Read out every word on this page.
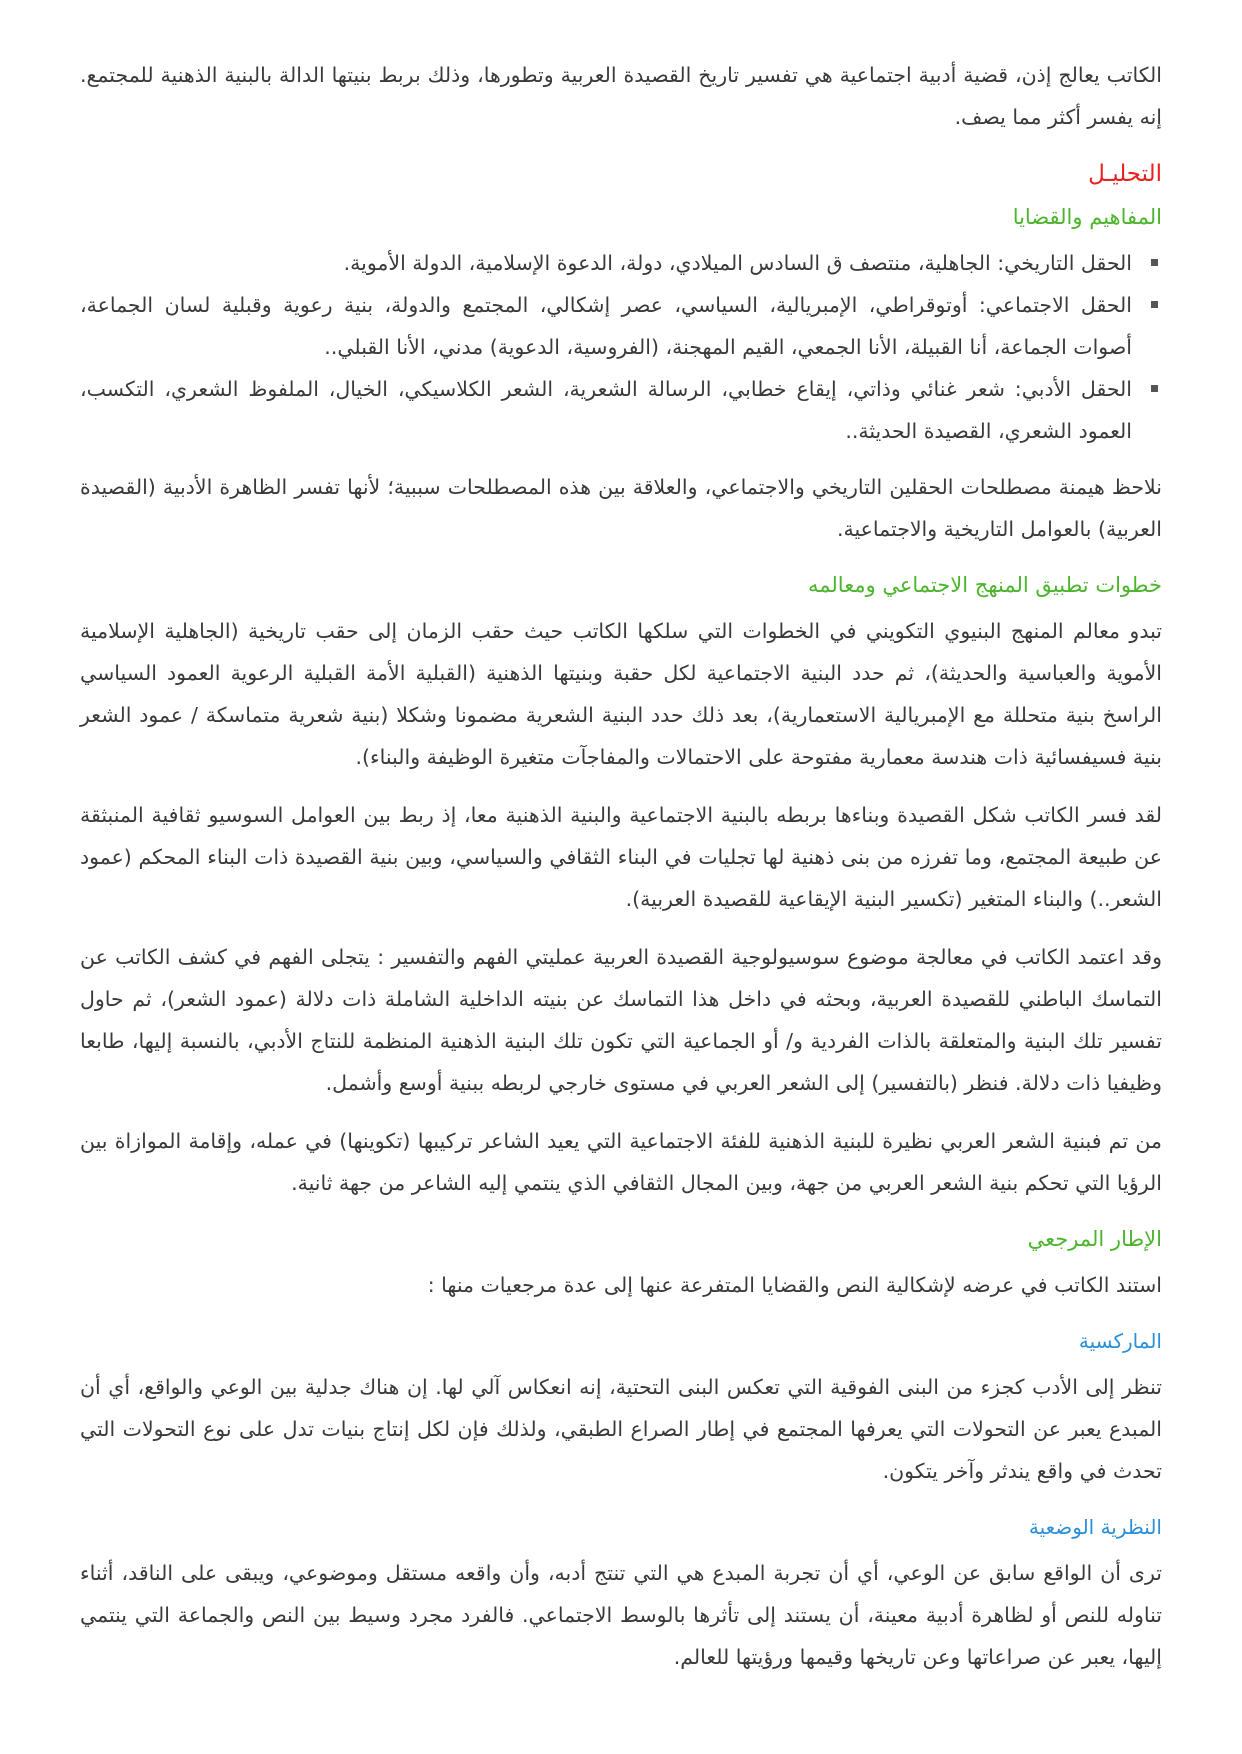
الكاتب يعالج إذن، قضية أدبية اجتماعية هي تفسير تاريخ القصيدة العربية وتطورها، وذلك بربط بنيتها الدالة بالبنية الذهنية للمجتمع. إنه يفسر أكثر مما يصف.

التحليـل
المفاهيم والقضايا
الحقل التاريخي: الجاهلية، منتصف ق السادس الميلادي، دولة، الدعوة الإسلامية، الدولة الأموية.
الحقل الاجتماعي: أوتوقراطي، الإمبريالية، السياسي، عصر إشكالي، المجتمع والدولة، بنية رعوية وقبلية لسان الجماعة، أصوات الجماعة، أنا القبيلة، الأنا الجمعي، القيم المهجنة، (الفروسية، الدعوية) مدني، الأنا القبلي..
الحقل الأدبي: شعر غنائي وذاتي، إيقاع خطابي، الرسالة الشعرية، الشعر الكلاسيكي، الخيال، الملفوظ الشعري، التكسب، العمود الشعري، القصيدة الحديثة..

نلاحظ هيمنة مصطلحات الحقلين التاريخي والاجتماعي، والعلاقة بين هذه المصطلحات سببية؛ لأنها تفسر الظاهرة الأدبية (القصيدة العربية) بالعوامل التاريخية والاجتماعية.

خطوات تطبيق المنهج الاجتماعي ومعالمه

تبدو معالم المنهج البنيوي التكويني في الخطوات التي سلكها الكاتب حيث حقب الزمان إلى حقب تاريخية (الجاهلية الإسلامية الأموية والعباسية والحديثة)، ثم حدد البنية الاجتماعية لكل حقبة وبنيتها الذهنية (القبلية الأمة القبلية الرعوية العمود السياسي الراسخ بنية متحللة مع الإمبريالية الاستعمارية)، بعد ذلك حدد البنية الشعرية مضمونا وشكلا (بنية شعرية متماسكة / عمود الشعر بنية فسيفسائية ذات هندسة معمارية مفتوحة على الاحتمالات والمفاجآت متغيرة الوظيفة والبناء).

لقد فسر الكاتب شكل القصيدة وبناءها بربطه بالبنية الاجتماعية والبنية الذهنية معا، إذ ربط بين العوامل السوسيو ثقافية المنبثقة عن طبيعة المجتمع، وما تفرزه من بنى ذهنية لها تجليات في البناء الثقافي والسياسي، وبين بنية القصيدة ذات البناء المحكم (عمود الشعر..) والبناء المتغير (تكسير البنية الإيقاعية للقصيدة العربية).

وقد اعتمد الكاتب في معالجة موضوع سوسيولوجية القصيدة العربية عمليتي الفهم والتفسير : يتجلى الفهم في كشف الكاتب عن التماسك الباطني للقصيدة العربية، وبحثه في داخل هذا التماسك عن بنيته الداخلية الشاملة ذات دلالة (عمود الشعر)، ثم حاول تفسير تلك البنية والمتعلقة بالذات الفردية و/ أو الجماعية التي تكون تلك البنية الذهنية المنظمة للنتاج الأدبي، بالنسبة إليها، طابعا وظيفيا ذات دلالة. فنظر (بالتفسير) إلى الشعر العربي في مستوى خارجي لربطه ببنية أوسع وأشمل.

من تم فبنية الشعر العربي نظيرة للبنية الذهنية للفئة الاجتماعية التي يعيد الشاعر تركيبها (تكوينها) في عمله، وإقامة الموازاة بين الرؤيا التي تحكم بنية الشعر العربي من جهة، وبين المجال الثقافي الذي ينتمي إليه الشاعر من جهة ثانية.

الإطار المرجعي

استند الكاتب في عرضه لإشكالية النص والقضايا المتفرعة عنها إلى عدة مرجعيات منها :

الماركسية

تنظر إلى الأدب كجزء من البنى الفوقية التي تعكس البنى التحتية، إنه انعكاس آلي لها. إن هناك جدلية بين الوعي والواقع، أي أن المبدع يعبر عن التحولات التي يعرفها المجتمع في إطار الصراع الطبقي، ولذلك فإن لكل إنتاج بنيات تدل على نوع التحولات التي تحدث في واقع يندثر وآخر يتكون.

النظرية الوضعية

ترى أن الواقع سابق عن الوعي، أي أن تجربة المبدع هي التي تنتج أدبه، وأن واقعه مستقل وموضوعي، ويبقى على الناقد، أثناء تناوله للنص أو لظاهرة أدبية معينة، أن يستند إلى تأثرها بالوسط الاجتماعي. فالفرد مجرد وسيط بين النص والجماعة التي ينتمي إليها، يعبر عن صراعاتها وعن تاريخها وقيمها ورؤيتها للعالم.
